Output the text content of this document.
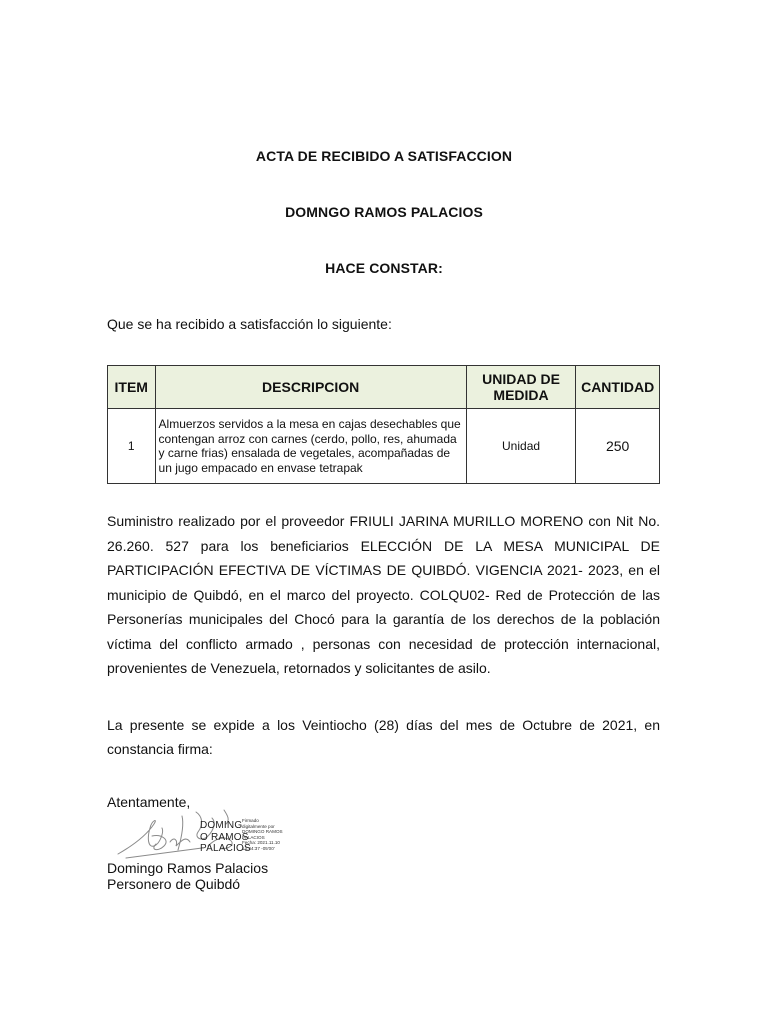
ACTA DE RECIBIDO A SATISFACCION
DOMNGO RAMOS PALACIOS
HACE CONSTAR:
Que se ha recibido a satisfacción lo siguiente:
ITEM	DESCRIPCION	UNIDAD DE MEDIDA	CANTIDAD
1	Almuerzos servidos a la mesa en cajas desechables que contengan arroz con carnes (cerdo, pollo, res, ahumada y carne frias) ensalada de vegetales, acompañadas de un jugo empacado en envase tetrapak	Unidad	250
Suministro realizado por el proveedor FRIULI JARINA MURILLO MORENO con Nit No. 26.260. 527 para los beneficiarios ELECCIÓN DE LA MESA MUNICIPAL DE PARTICIPACIÓN EFECTIVA DE VÍCTIMAS DE QUIBDÓ. VIGENCIA 2021- 2023, en el municipio de Quibdó, en el marco del proyecto. COLQU02- Red de Protección de las Personerías municipales del Chocó para la garantía de los derechos de la población víctima del conflicto armado , personas con necesidad de protección internacional, provenientes de Venezuela, retornados y solicitantes de asilo.
La presente se expide a los Veintiocho (28) días del mes de Octubre de 2021, en constancia firma:
Atentamente,
DOMING
O RAMOS
PALACIOS
Firmado
digitalmente por
DOMINGO RAMOS
PALACIOS
Fecha: 2021.11.10
14:44:37 -05'00'
Domingo Ramos Palacios
Personero de Quibdó
